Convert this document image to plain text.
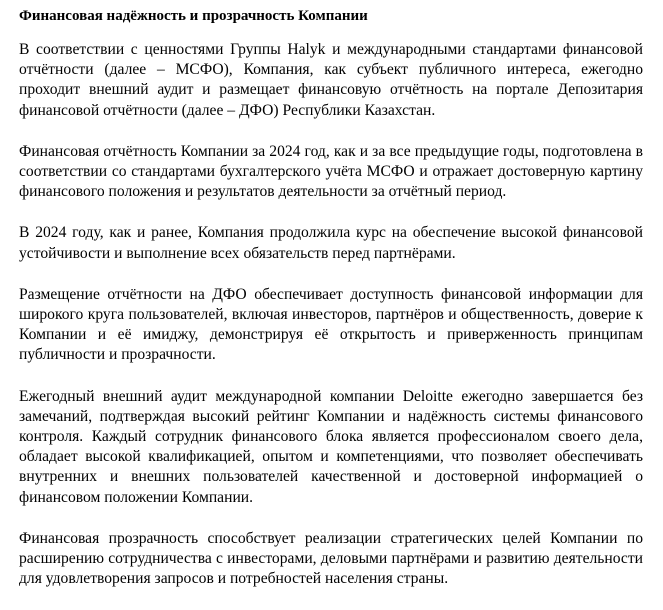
Финансовая надёжность и прозрачность Компании

В соответствии с ценностями Группы Halyk и международными стандартами финансовой отчётности (далее – МСФО), Компания, как субъект публичного интереса, ежегодно проходит внешний аудит и размещает финансовую отчётность на портале Депозитария финансовой отчётности (далее – ДФО) Республики Казахстан.

Финансовая отчётность Компании за 2024 год, как и за все предыдущие годы, подготовлена в соответствии со стандартами бухгалтерского учёта МСФО и отражает достоверную картину финансового положения и результатов деятельности за отчётный период.

В 2024 году, как и ранее, Компания продолжила курс на обеспечение высокой финансовой устойчивости и выполнение всех обязательств перед партнёрами.

Размещение отчётности на ДФО обеспечивает доступность финансовой информации для широкого круга пользователей, включая инвесторов, партнёров и общественность, доверие к Компании и её имиджу, демонстрируя её открытость и приверженность принципам публичности и прозрачности.

Ежегодный внешний аудит международной компании Deloitte ежегодно завершается без замечаний, подтверждая высокий рейтинг Компании и надёжность системы финансового контроля. Каждый сотрудник финансового блока является профессионалом своего дела, обладает высокой квалификацией, опытом и компетенциями, что позволяет обеспечивать внутренних и внешних пользователей качественной и достоверной информацией о финансовом положении Компании.

Финансовая прозрачность способствует реализации стратегических целей Компании по расширению сотрудничества с инвесторами, деловыми партнёрами и развитию деятельности для удовлетворения запросов и потребностей населения страны.
